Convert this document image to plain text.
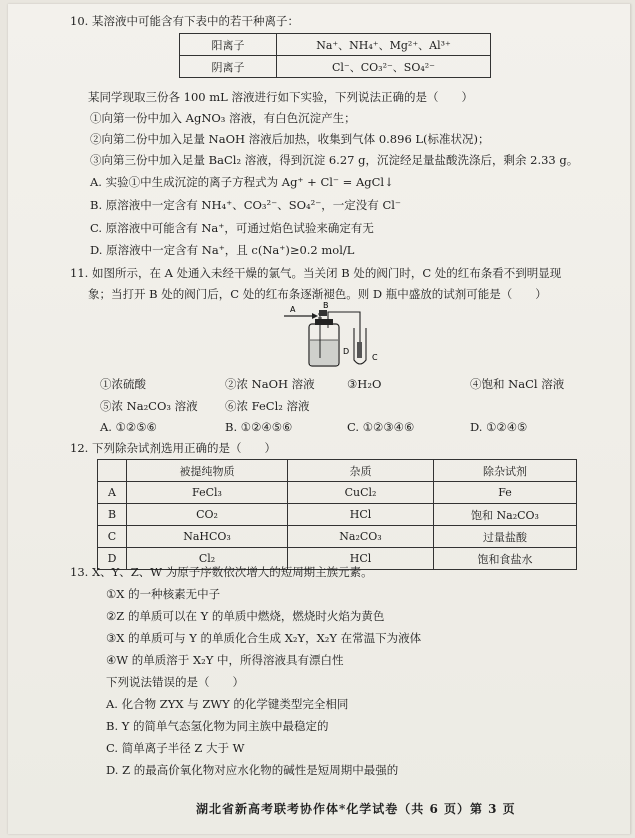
10. 某溶液中可能含有下表中的若干种离子：
阳离子	Na⁺、NH₄⁺、Mg²⁺、Al³⁺
阴离子	Cl⁻、CO₃²⁻、SO₄²⁻
某同学现取三份各 100 mL 溶液进行如下实验，下列说法正确的是（　　）
①向第一份中加入 AgNO₃ 溶液，有白色沉淀产生；
②向第二份中加入足量 NaOH 溶液后加热，收集到气体 0.896 L(标准状况)；
③向第三份中加入足量 BaCl₂ 溶液，得到沉淀 6.27 g，沉淀经足量盐酸洗涤后，剩余 2.33 g。
A. 实验①中生成沉淀的离子方程式为 Ag⁺ + Cl⁻ = AgCl↓
B. 原溶液中一定含有 NH₄⁺、CO₃²⁻、SO₄²⁻，一定没有 Cl⁻
C. 原溶液中可能含有 Na⁺，可通过焰色试验来确定有无
D. 原溶液中一定含有 Na⁺，且 c(Na⁺)≥0.2 mol/L
11. 如图所示，在 A 处通入未经干燥的氯气。当关闭 B 处的阀门时，C 处的红布条看不到明显现
象；当打开 B 处的阀门后，C 处的红布条逐渐褪色。则 D 瓶中盛放的试剂可能是（　　）
A	B
D
C
①浓硫酸	②浓 NaOH 溶液	③H₂O	④饱和 NaCl 溶液
⑤浓 Na₂CO₃ 溶液 ⑥浓 FeCl₂ 溶液
A. ①②⑤⑥	B. ①②④⑤⑥	C. ①②③④⑥	D. ①②④⑤
12. 下列除杂试剂选用正确的是（　　）
	被提纯物质	杂质	除杂试剂
A	FeCl₃	CuCl₂	Fe
B	CO₂	HCl	饱和 Na₂CO₃
C	NaHCO₃	Na₂CO₃	过量盐酸
D	Cl₂	HCl	饱和食盐水
13. X、Y、Z、W 为原子序数依次增大的短周期主族元素。
①X 的一种核素无中子
②Z 的单质可以在 Y 的单质中燃烧，燃烧时火焰为黄色
③X 的单质可与 Y 的单质化合生成 X₂Y，X₂Y 在常温下为液体
④W 的单质溶于 X₂Y 中，所得溶液具有漂白性
下列说法错误的是（　　）
A. 化合物 ZYX 与 ZWY 的化学键类型完全相同
B. Y 的简单气态氢化物为同主族中最稳定的
C. 简单离子半径 Z 大于 W
D. Z 的最高价氧化物对应水化物的碱性是短周期中最强的
湖北省新高考联考协作体*化学试卷（共 6 页）第 3 页
